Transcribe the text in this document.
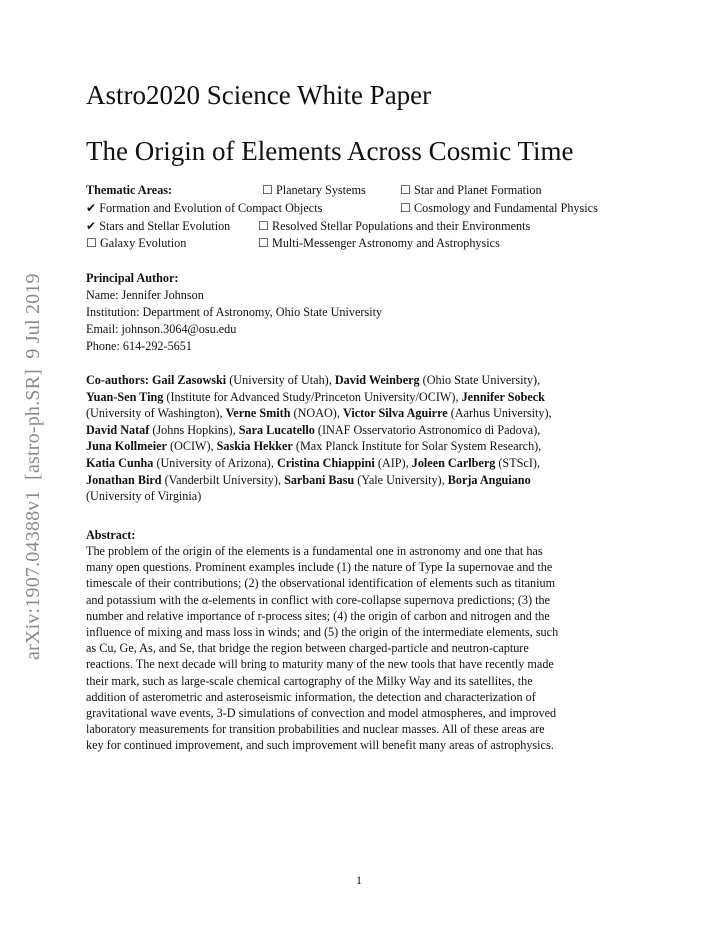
arXiv:1907.04388v1  [astro-ph.SR]  9 Jul 2019
Astro2020 Science White Paper
The Origin of Elements Across Cosmic Time
Thematic Areas:	☐ Planetary Systems	☐ Star and Planet Formation
✔ Formation and Evolution of Compact Objects	☐ Cosmology and Fundamental Physics
✔ Stars and Stellar Evolution ☐ Resolved Stellar Populations and their Environments
☐ Galaxy Evolution	☐ Multi-Messenger Astronomy and Astrophysics
Principal Author:
Name: Jennifer Johnson
Institution: Department of Astronomy, Ohio State University
Email: johnson.3064@osu.edu
Phone: 614-292-5651
Co-authors: Gail Zasowski (University of Utah), David Weinberg (Ohio State University),
Yuan-Sen Ting (Institute for Advanced Study/Princeton University/OCIW), Jennifer Sobeck
(University of Washington), Verne Smith (NOAO), Victor Silva Aguirre (Aarhus University),
David Nataf (Johns Hopkins), Sara Lucatello (INAF Osservatorio Astronomico di Padova),
Juna Kollmeier (OCIW), Saskia Hekker (Max Planck Institute for Solar System Research),
Katia Cunha (University of Arizona), Cristina Chiappini (AIP), Joleen Carlberg (STScI),
Jonathan Bird (Vanderbilt University), Sarbani Basu (Yale University), Borja Anguiano
(University of Virginia)
Abstract:
The problem of the origin of the elements is a fundamental one in astronomy and one that has
many open questions. Prominent examples include (1) the nature of Type Ia supernovae and the
timescale of their contributions; (2) the observational identification of elements such as titanium
and potassium with the α-elements in conflict with core-collapse supernova predictions; (3) the
number and relative importance of r-process sites; (4) the origin of carbon and nitrogen and the
influence of mixing and mass loss in winds; and (5) the origin of the intermediate elements, such
as Cu, Ge, As, and Se, that bridge the region between charged-particle and neutron-capture
reactions. The next decade will bring to maturity many of the new tools that have recently made
their mark, such as large-scale chemical cartography of the Milky Way and its satellites, the
addition of asterometric and asteroseismic information, the detection and characterization of
gravitational wave events, 3-D simulations of convection and model atmospheres, and improved
laboratory measurements for transition probabilities and nuclear masses. All of these areas are
key for continued improvement, and such improvement will benefit many areas of astrophysics.
1
